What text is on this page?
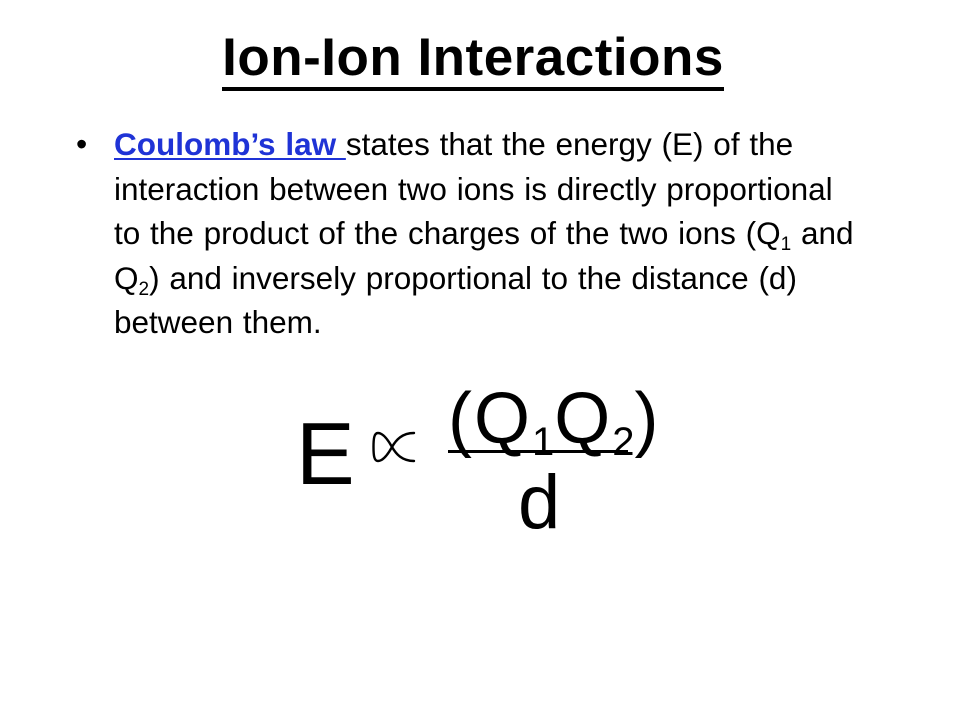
Ion-Ion Interactions
• Coulomb’s law states that the energy (E) of the interaction between two ions is directly proportional to the product of the charges of the two ions ($Q_1$ and $Q_2$) and inversely proportional to the distance (d) between them.
E (Q1Q2)
d
